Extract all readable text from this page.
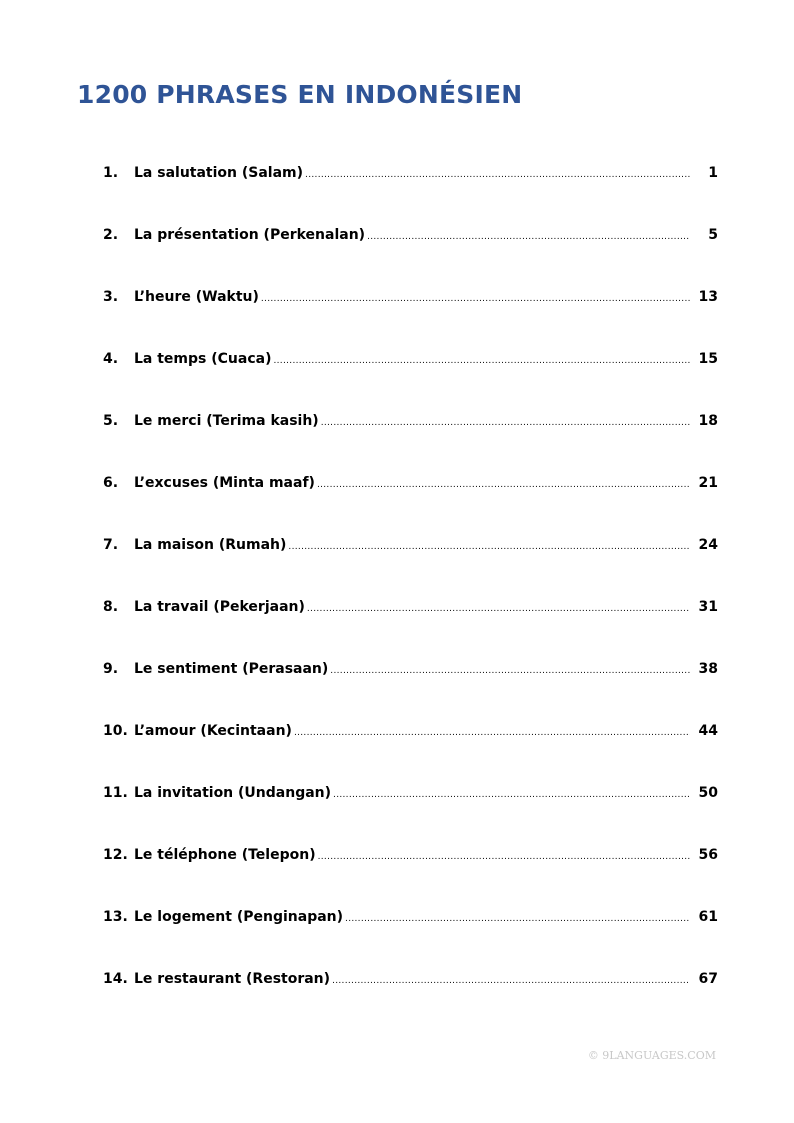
1200 PHRASES EN INDONÉSIEN
1.	La salutation (Salam) .....	1
2.	La présentation (Perkenalan) .....	5
3.	L’heure (Waktu) .....	13
4.	La temps (Cuaca) .....	15
5.	Le merci (Terima kasih) .....	18
6.	L’excuses (Minta maaf) .....	21
7.	La maison (Rumah) .....	24
8.	La travail (Pekerjaan) .....	31
9.	Le sentiment (Perasaan) .....	38
10. L’amour (Kecintaan) .....	44
11. La invitation (Undangan) .....	50
12. Le téléphone (Telepon) .....	56
13. Le logement (Penginapan) .....	61
14. Le restaurant (Restoran) .....	67
© 9LANGUAGES.COM
